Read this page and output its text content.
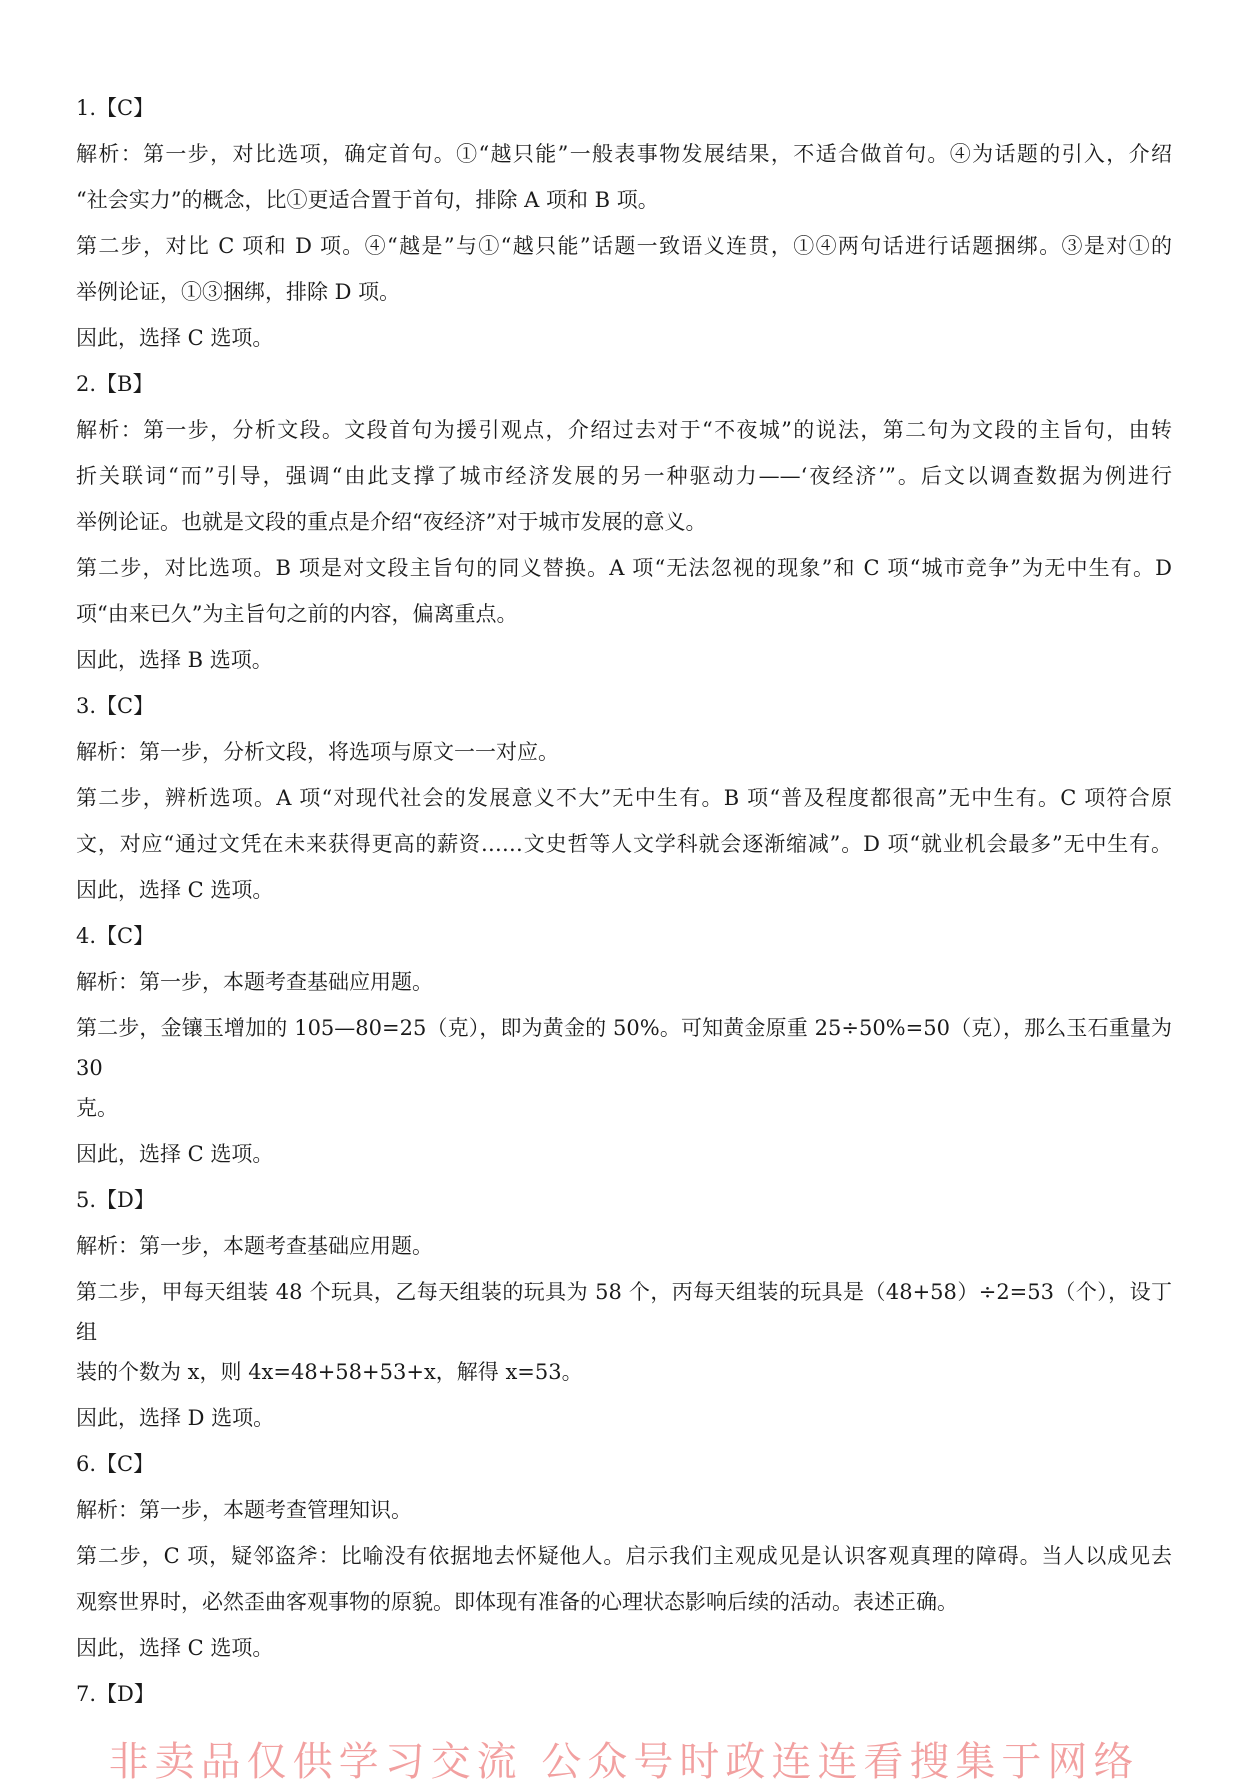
1.【C】
解析：第一步，对比选项，确定首句。①“越只能”一般表事物发展结果，不适合做首句。④为话题的引入，介绍
“社会实力”的概念，比①更适合置于首句，排除 A 项和 B 项。
第二步，对比 C 项和 D 项。④“越是”与①“越只能”话题一致语义连贯，①④两句话进行话题捆绑。③是对①的
举例论证，①③捆绑，排除 D 项。
因此，选择 C 选项。
2.【B】
解析：第一步，分析文段。文段首句为援引观点，介绍过去对于“不夜城”的说法，第二句为文段的主旨句，由转
折关联词“而”引导，强调“由此支撑了城市经济发展的另一种驱动力——‘夜经济’”。后文以调查数据为例进行
举例论证。也就是文段的重点是介绍“夜经济”对于城市发展的意义。
第二步，对比选项。B 项是对文段主旨句的同义替换。A 项“无法忽视的现象”和 C 项“城市竞争”为无中生有。D
项“由来已久”为主旨句之前的内容，偏离重点。
因此，选择 B 选项。
3.【C】
解析：第一步，分析文段，将选项与原文一一对应。
第二步，辨析选项。A 项“对现代社会的发展意义不大”无中生有。B 项“普及程度都很高”无中生有。C 项符合原
文，对应“通过文凭在未来获得更高的薪资……文史哲等人文学科就会逐渐缩减”。D 项“就业机会最多”无中生有。
因此，选择 C 选项。
4.【C】
解析：第一步，本题考查基础应用题。
第二步，金镶玉增加的 105—80=25（克），即为黄金的 50%。可知黄金原重 25÷50%=50（克），那么玉石重量为 30
克。
因此，选择 C 选项。
5.【D】
解析：第一步，本题考查基础应用题。
第二步，甲每天组装 48 个玩具，乙每天组装的玩具为 58 个，丙每天组装的玩具是（48+58）÷2=53（个），设丁组
装的个数为 x，则 4x=48+58+53+x，解得 x=53。
因此，选择 D 选项。
6.【C】
解析：第一步，本题考查管理知识。
第二步，C 项，疑邻盗斧：比喻没有依据地去怀疑他人。启示我们主观成见是认识客观真理的障碍。当人以成见去
观察世界时，必然歪曲客观事物的原貌。即体现有准备的心理状态影响后续的活动。表述正确。
因此，选择 C 选项。
7.【D】
非卖品仅供学习交流 公众号时政连连看搜集于网络
